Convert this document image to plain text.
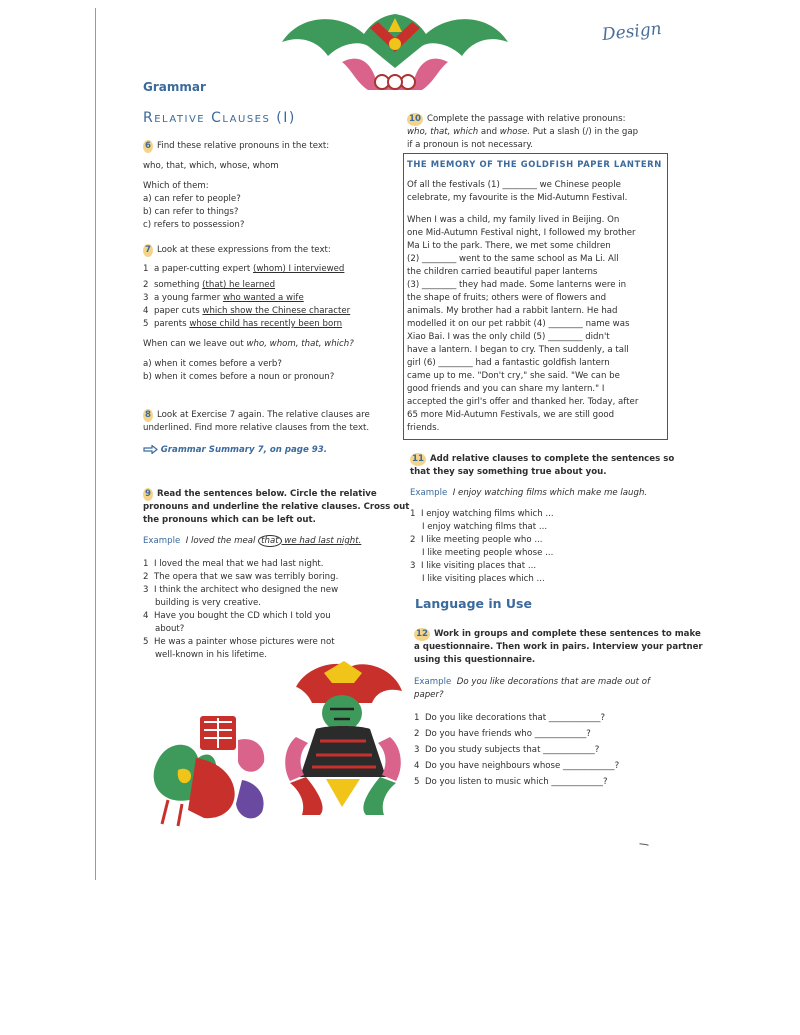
Design
Grammar
Relative Clauses (I)
6 Find these relative pronouns in the text:
who, that, which, whose, whom
Which of them:
a) can refer to people?
b) can refer to things?
c) refers to possession?
7 Look at these expressions from the text:
1 a paper-cutting expert (whom) I interviewed
2 something (that) he learned
3 a young farmer who wanted a wife
4 paper cuts which show the Chinese character
5 parents whose child has recently been born
When can we leave out who, whom, that, which?
a) when it comes before a verb?
b) when it comes before a noun or pronoun?
8 Look at Exercise 7 again. The relative clauses are
underlined. Find more relative clauses from the text.
Grammar Summary 7, on page 93.
9 Read the sentences below. Circle the relative
pronouns and underline the relative clauses. Cross out
the pronouns which can be left out.
Example I loved the meal that we had last night.
1 I loved the meal that we had last night.
2 The opera that we saw was terribly boring.
3 I think the architect who designed the new
building is very creative.
4 Have you bought the CD which I told you
about?
5 He was a painter whose pictures were not
well-known in his lifetime.
10 Complete the passage with relative pronouns:
who, that, which and whose. Put a slash (/) in the gap
if a pronoun is not necessary.
THE MEMORY OF THE GOLDFISH PAPER LANTERN
Of all the festivals (1) ________ we Chinese people
celebrate, my favourite is the Mid-Autumn Festival.
When I was a child, my family lived in Beijing. On
one Mid-Autumn Festival night, I followed my brother
Ma Li to the park. There, we met some children
(2) ________ went to the same school as Ma Li. All
the children carried beautiful paper lanterns
(3) ________ they had made. Some lanterns were in
the shape of fruits; others were of flowers and
animals. My brother had a rabbit lantern. He had
modelled it on our pet rabbit (4) ________ name was
Xiao Bai. I was the only child (5) ________ didn't
have a lantern. I began to cry. Then suddenly, a tall
girl (6) ________ had a fantastic goldfish lantern
came up to me. "Don't cry," she said. "We can be
good friends and you can share my lantern." I
accepted the girl's offer and thanked her. Today, after
65 more Mid-Autumn Festivals, we are still good
friends.
11 Add relative clauses to complete the sentences so
that they say something true about you.
Example I enjoy watching films which make me laugh.
1 I enjoy watching films which ...
I enjoy watching films that ...
2 I like meeting people who ...
I like meeting people whose ...
3 I like visiting places that ...
I like visiting places which ...
Language in Use
12 Work in groups and complete these sentences to make
a questionnaire. Then work in pairs. Interview your partner
using this questionnaire.
Example Do you like decorations that are made out of
paper?
1 Do you like decorations that ____________?
2 Do you have friends who ____________?
3 Do you study subjects that ____________?
4 Do you have neighbours whose ____________?
5 Do you listen to music which ____________?
